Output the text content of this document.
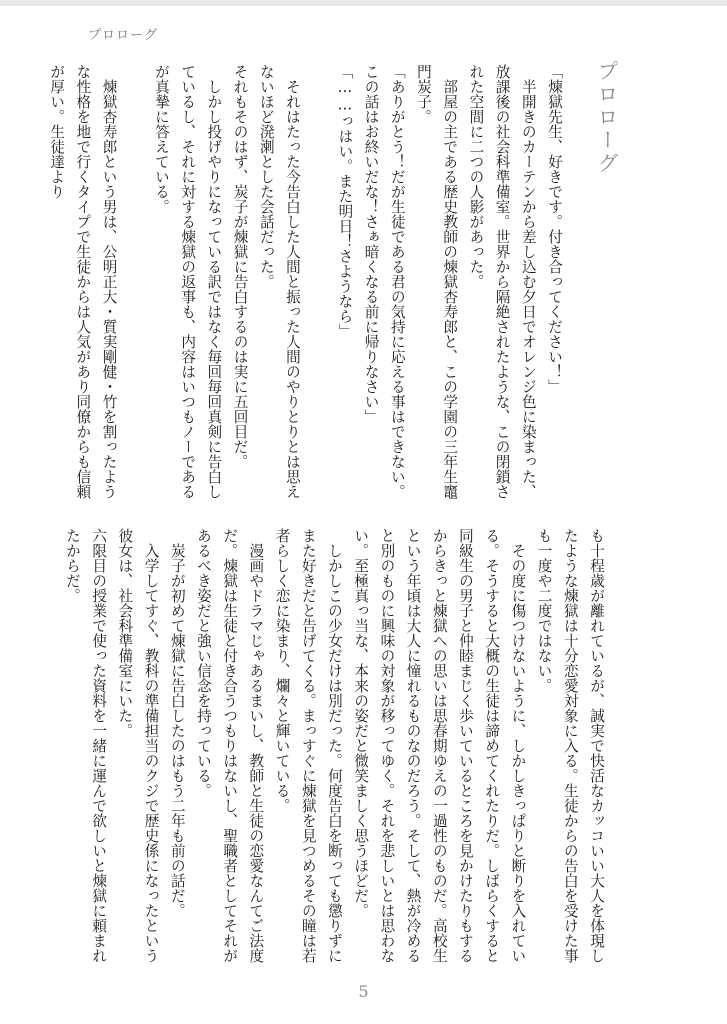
プロローグ
プロローグ

「煉獄先生、好きです。付き合ってください！」

半開きのカーテンから差し込む夕日でオレンジ色に染まった、放課後の社会科準備室。世界から隔絶されたような、この閉鎖された空間に二つの人影があった。

部屋の主である歴史教師の煉獄杏寿郎と、この学園の三年生竈門炭子。

「ありがとう！だが生徒である君の気持に応える事はできない。この話はお終いだな！さぁ暗くなる前に帰りなさい」

「……っはい。また明日！さようなら」

それはたった今告白した人間と振った人間のやりとりとは思えないほど溌溂とした会話だった。

それもそのはず、炭子が煉獄に告白するのは実に五回目だ。

しかし投げやりになっている訳ではなく毎回毎回真剣に告白しているし、それに対する煉獄の返事も、内容はいつもノーであるが真摯に答えている。

煉獄杏寿郎という男は、公明正大・質実剛健・竹を割ったような性格を地で行くタイプで生徒からは人気があり同僚からも信頼が厚い。生徒達より

も十程歳が離れているが、誠実で快活なカッコいい大人を体現したような煉獄は十分恋愛対象に入る。生徒からの告白を受けた事も一度や二度ではない。

その度に傷つけないように、しかしきっぱりと断りを入れている。そうすると大概の生徒は諦めてくれたりだ。しばらくすると同級生の男子と仲睦まじく歩いているところを見かけたりもするからきっと煉獄への思いは思春期ゆえの一過性のものだ。高校生という年頃は大人に憧れるものなのだろう。そして、熱が冷めると別のものに興味の対象が移ってゆく。それを悲しいとは思わない。至極真っ当な、本来の姿だと微笑ましく思うほどだ。

しかしこの少女だけは別だった。何度告白を断っても懲りずにまた好きだと告げてくる。まっすぐに煉獄を見つめるその瞳は若者らしく恋に染まり、爛々と輝いている。

漫画やドラマじゃあるまいし、教師と生徒の恋愛なんてご法度だ。煉獄は生徒と付き合うつもりはないし、聖職者としてそれがあるべき姿だと強い信念を持っている。

炭子が初めて煉獄に告白したのはもう二年も前の話だ。

入学してすぐ、教科の準備担当のクジで歴史係になったという彼女は、社会科準備室にいた。

六限目の授業で使った資料を一緒に運んで欲しいと煉獄に頼まれたからだ。

5
